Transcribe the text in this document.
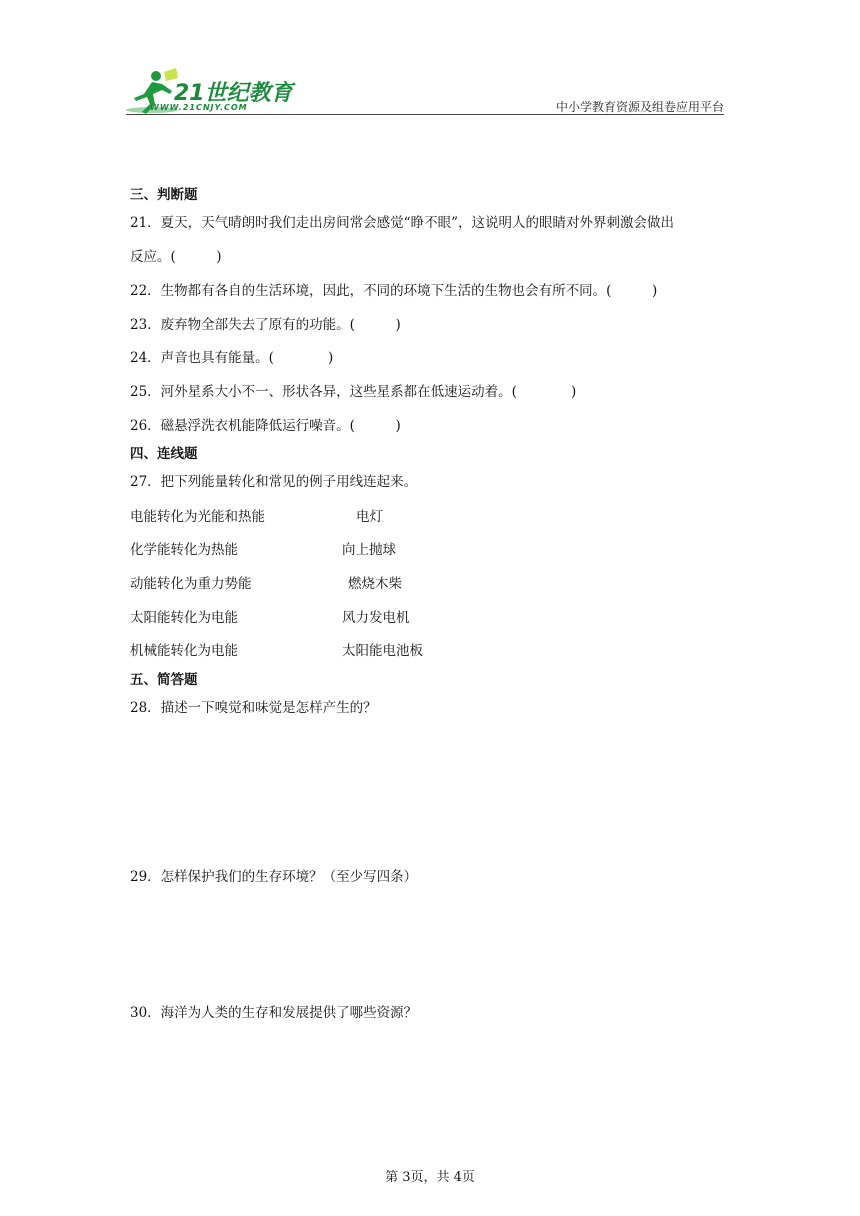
21世纪教育
WWW.21CNJY.COM	中小学教育资源及组卷应用平台
三、判断题
21．夏天，天气晴朗时我们走出房间常会感觉“睁不眼”，这说明人的眼睛对外界刺激会做出
反应。(　　　)
22．生物都有各自的生活环境，因此，不同的环境下生活的生物也会有所不同。(　　　)
23．废弃物全部失去了原有的功能。(　　　)
24．声音也具有能量。(　　　　)
25．河外星系大小不一、形状各异，这些星系都在低速运动着。(　　　　)
26．磁悬浮洗衣机能降低运行噪音。(　　　)
四、连线题
27．把下列能量转化和常见的例子用线连起来。
电能转化为光能和热能	电灯
化学能转化为热能	向上抛球
动能转化为重力势能	燃烧木柴
太阳能转化为电能	风力发电机
机械能转化为电能	太阳能电池板
五、简答题
28．描述一下嗅觉和味觉是怎样产生的？
29．怎样保护我们的生存环境？（至少写四条）
30．海洋为人类的生存和发展提供了哪些资源？
第 3页，共 4页
